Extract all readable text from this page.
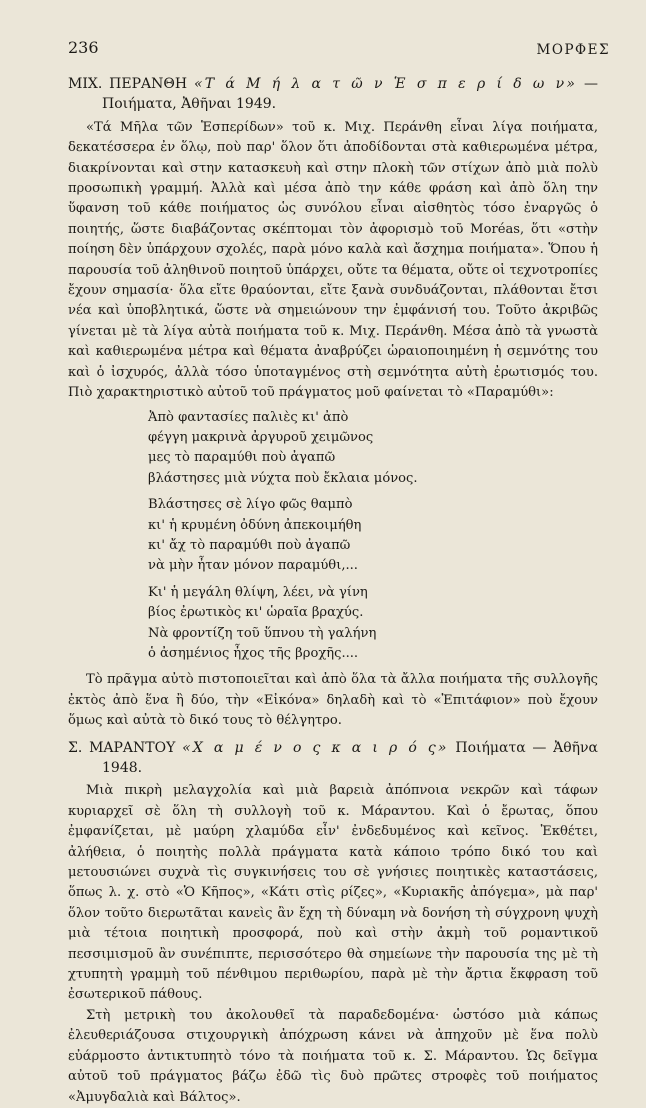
236	ΜΟΡΦΕΣ

ΜΙΧ. ΠΕΡΑΝΘΗ «Τ ά Μ ή λ α τ ῶ ν Ἑ σ π ε ρ ί δ ω ν» — Ποιήματα, Ἀθῆναι 1949.

«Τά Μῆλα τῶν Ἑσπερίδων» τοῦ κ. Μιχ. Περάνθη εἶναι λίγα ποιήματα, δεκατέσσερα ἐν ὅλῳ, ποὺ παρ' ὅλον ὅτι ἀποδίδονται στὰ καθιερωμένα μέτρα, διακρίνονται καὶ στην κατασκευὴ καὶ στην πλοκὴ τῶν στίχων ἀπὸ μιὰ πολὺ προσωπικὴ γραμμή. Ἀλλὰ καὶ μέσα ἀπὸ την κάθε φράση καὶ ἀπὸ ὅλη την ὕφανση τοῦ κάθε ποιήματος ὡς συνόλου εἶναι αἰσθητὸς τόσο ἐναργῶς ὁ ποιητής, ὥστε διαβάζοντας σκέπτομαι τὸν ἀφορισμὸ τοῦ Moréas, ὅτι «στὴν ποίηση δὲν ὑπάρχουν σχολές, παρὰ μόνο καλὰ καὶ ἄσχημα ποιήματα». Ὅπου ἡ παρουσία τοῦ ἀληθινοῦ ποιητοῦ ὑπάρχει, οὔτε τα θέματα, οὔτε οἱ τεχνοτροπίες ἔχουν σημασία· ὅλα εἴτε θραύονται, εἴτε ξανὰ συνδυάζονται, πλάθονται ἔτσι νέα καὶ ὑποβλητικά, ὥστε νὰ σημειώνουν την ἐμφάνισή του. Τοῦτο ἀκριβῶς γίνεται μὲ τὰ λίγα αὐτὰ ποιήματα τοῦ κ. Μιχ. Περάνθη. Μέσα ἀπὸ τὰ γνωστὰ καὶ καθιερωμένα μέτρα καὶ θέματα ἀναβρύζει ὡραιοποιημένη ἡ σεμνότης του καὶ ὁ ἰσχυρός, ἀλλὰ τόσο ὑποταγμένος στὴ σεμνότητα αὐτὴ ἐρωτισμός του. Πιὸ χαρακτηριστικὸ αὐτοῦ τοῦ πράγματος μοῦ φαίνεται τὸ «Παραμύθι»:

Ἀπὸ φαντασίες παλιὲς κι' ἀπὸ
φέγγη μακρινὰ ἀργυροῦ χειμῶνος
μες τὸ παραμύθι ποὺ ἀγαπῶ
βλάστησες μιὰ νύχτα ποὺ ἔκλαια μόνος.
Βλάστησες σὲ λίγο φῶς θαμπὸ
κι' ἡ κρυμένη ὀδύνη ἀπεκοιμήθη
κι' ἄχ τὸ παραμύθι ποὺ ἀγαπῶ
νὰ μὴν ἦταν μόνον παραμύθι,...
Κι' ἡ μεγάλη θλίψη, λέει, νὰ γίνη
βίος ἐρωτικὸς κι' ὡραῖα βραχύς.
Νὰ φροντίζη τοῦ ὕπνου τὴ γαλήνη
ὁ ἀσημένιος ἦχος τῆς βροχῆς....

Τὸ πρᾶγμα αὐτὸ πιστοποιεῖται καὶ ἀπὸ ὅλα τὰ ἄλλα ποιήματα τῆς συλλογῆς ἐκτὸς ἀπὸ ἕνα ἢ δύο, τὴν «Εἰκόνα» δηλαδὴ καὶ τὸ «Ἐπιτάφιον» ποὺ ἔχουν ὅμως καὶ αὐτὰ τὸ δικό τους τὸ θέλγητρο.

Σ. ΜΑΡΑΝΤΟΥ «Χ α μ έ ν ο ς κ α ι ρ ό ς» Ποιήματα — Ἀθῆνα 1948.

Μιὰ πικρὴ μελαγχολία καὶ μιὰ βαρειὰ ἀπόπνοια νεκρῶν καὶ τάφων κυριαρχεῖ σὲ ὅλη τὴ συλλογὴ τοῦ κ. Μάραντου. Καὶ ὁ ἔρωτας, ὅπου ἐμφανίζεται, μὲ μαύρη χλαμύδα εἶν' ἐνδεδυμένος καὶ κεῖνος. Ἐκθέτει, ἀλήθεια, ὁ ποιητὴς πολλὰ πράγματα κατὰ κάποιο τρόπο δικό του καὶ μετουσιώνει συχνὰ τὶς συγκινήσεις του σὲ γνήσιες ποιητικὲς καταστάσεις, ὅπως λ. χ. στὸ «Ὁ Κῆπος», «Κάτι στὶς ρίζες», «Κυριακῆς ἀπόγεμα», μὰ παρ' ὅλον τοῦτο διερωτᾶται κανεὶς ἂν ἔχη τὴ δύναμη νὰ δονήση τὴ σύγχρονη ψυχὴ μιὰ τέτοια ποιητικὴ προσφορά, ποὺ καὶ στὴν ἀκμὴ τοῦ ρομαντικοῦ πεσσιμισμοῦ ἂν συνέπιπτε, περισσότερο θὰ σημείωνε τὴν παρουσία της μὲ τὴ χτυπητὴ γραμμὴ τοῦ πένθιμου περιθωρίου, παρὰ μὲ τὴν ἄρτια ἔκφραση τοῦ ἐσωτερικοῦ πάθους.

Στὴ μετρικὴ του ἀκολουθεῖ τὰ παραδεδομένα· ὡστόσο μιὰ κάπως ἐλευθεριάζουσα στιχουργικὴ ἀπόχρωση κάνει νὰ ἀπηχοῦν μὲ ἕνα πολὺ εὐάρμοστο ἀντικτυπητὸ τόνο τὰ ποιήματα τοῦ κ. Σ. Μάραντου. Ὡς δεῖγμα αὐτοῦ τοῦ πράγματος βάζω ἐδῶ τὶς δυὸ πρῶτες στροφὲς τοῦ ποιήματος «Ἀμυγδαλιὰ καὶ Βάλτος».
